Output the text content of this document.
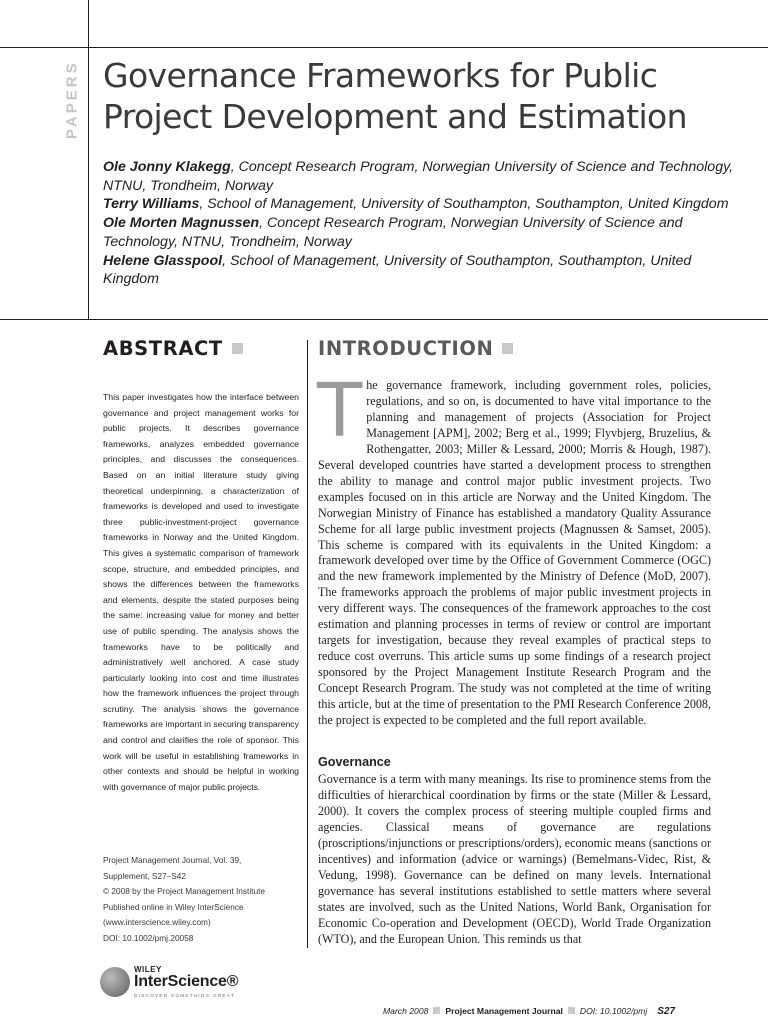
PAPERS Governance Frameworks for Public
Project Development and Estimation
Ole Jonny Klakegg, Concept Research Program, Norwegian University of Science and Technology, NTNU, Trondheim, Norway
Terry Williams, School of Management, University of Southampton, Southampton, United Kingdom
Ole Morten Magnussen, Concept Research Program, Norwegian University of Science and Technology, NTNU, Trondheim, Norway
Helene Glasspool, School of Management, University of Southampton, Southampton, United Kingdom
ABSTRACT
This paper investigates how the interface between governance and project management works for public projects. It describes governance frameworks, analyzes embedded governance principles, and discusses the consequences. Based on an initial literature study giving theoretical underpinning, a characterization of frameworks is developed and used to investigate three public-investment-project governance frameworks in Norway and the United Kingdom. This gives a systematic comparison of framework scope, structure, and embedded principles, and shows the differences between the frameworks and elements, despite the stated purposes being the same: increasing value for money and better use of public spending. The analysis shows the frameworks have to be politically and administratively well anchored. A case study particularly looking into cost and time illustrates how the framework influences the project through scrutiny. The analysis shows the governance frameworks are important in securing transparency and control and clarifies the role of sponsor. This work will be useful in establishing frameworks in other contexts and should be helpful in working with governance of major public projects.
Project Management Journal, Vol. 39,
Supplement, S27–S42
© 2008 by the Project Management Institute
Published online in Wiley InterScience
(www.interscience.wiley.com)
DOI: 10.1002/pmj.20058
INTRODUCTION
The governance framework, including government roles, policies, regulations, and so on, is documented to have vital importance to the planning and management of projects (Association for Project Management [APM], 2002; Berg et al., 1999; Flyvbjerg, Bruzelius, & Rothengatter, 2003; Miller & Lessard, 2000; Morris & Hough, 1987). Several developed countries have started a development process to strengthen the ability to manage and control major public investment projects. Two examples focused on in this article are Norway and the United Kingdom. The Norwegian Ministry of Finance has established a mandatory Quality Assurance Scheme for all large public investment projects (Magnussen & Samset, 2005). This scheme is compared with its equivalents in the United Kingdom: a framework developed over time by the Office of Government Commerce (OGC) and the new framework implemented by the Ministry of Defence (MoD, 2007). The frameworks approach the problems of major public investment projects in very different ways. The consequences of the framework approaches to the cost estimation and planning processes in terms of review or control are important targets for investigation, because they reveal examples of practical steps to reduce cost overruns. This article sums up some findings of a research project sponsored by the Project Management Institute Research Program and the Concept Research Program. The study was not completed at the time of writing this article, but at the time of presentation to the PMI Research Conference 2008, the project is expected to be completed and the full report available.
Governance
Governance is a term with many meanings. Its rise to prominence stems from the difficulties of hierarchical coordination by firms or the state (Miller & Lessard, 2000). It covers the complex process of steering multiple coupled firms and agencies. Classical means of governance are regulations (proscriptions/injunctions or prescriptions/orders), economic means (sanctions or incentives) and information (advice or warnings) (Bemelmans-Videc, Rist, & Vedung, 1998). Governance can be defined on many levels. International governance has several institutions established to settle matters where several states are involved, such as the United Nations, World Bank, Organisation for Economic Co-operation and Development (OECD), World Trade Organization (WTO), and the European Union. This reminds us that
WILEY
InterScience®
DISCOVER SOMETHING GREAT
March 2008 Project Management Journal DOI: 10.1002/pmj S27
